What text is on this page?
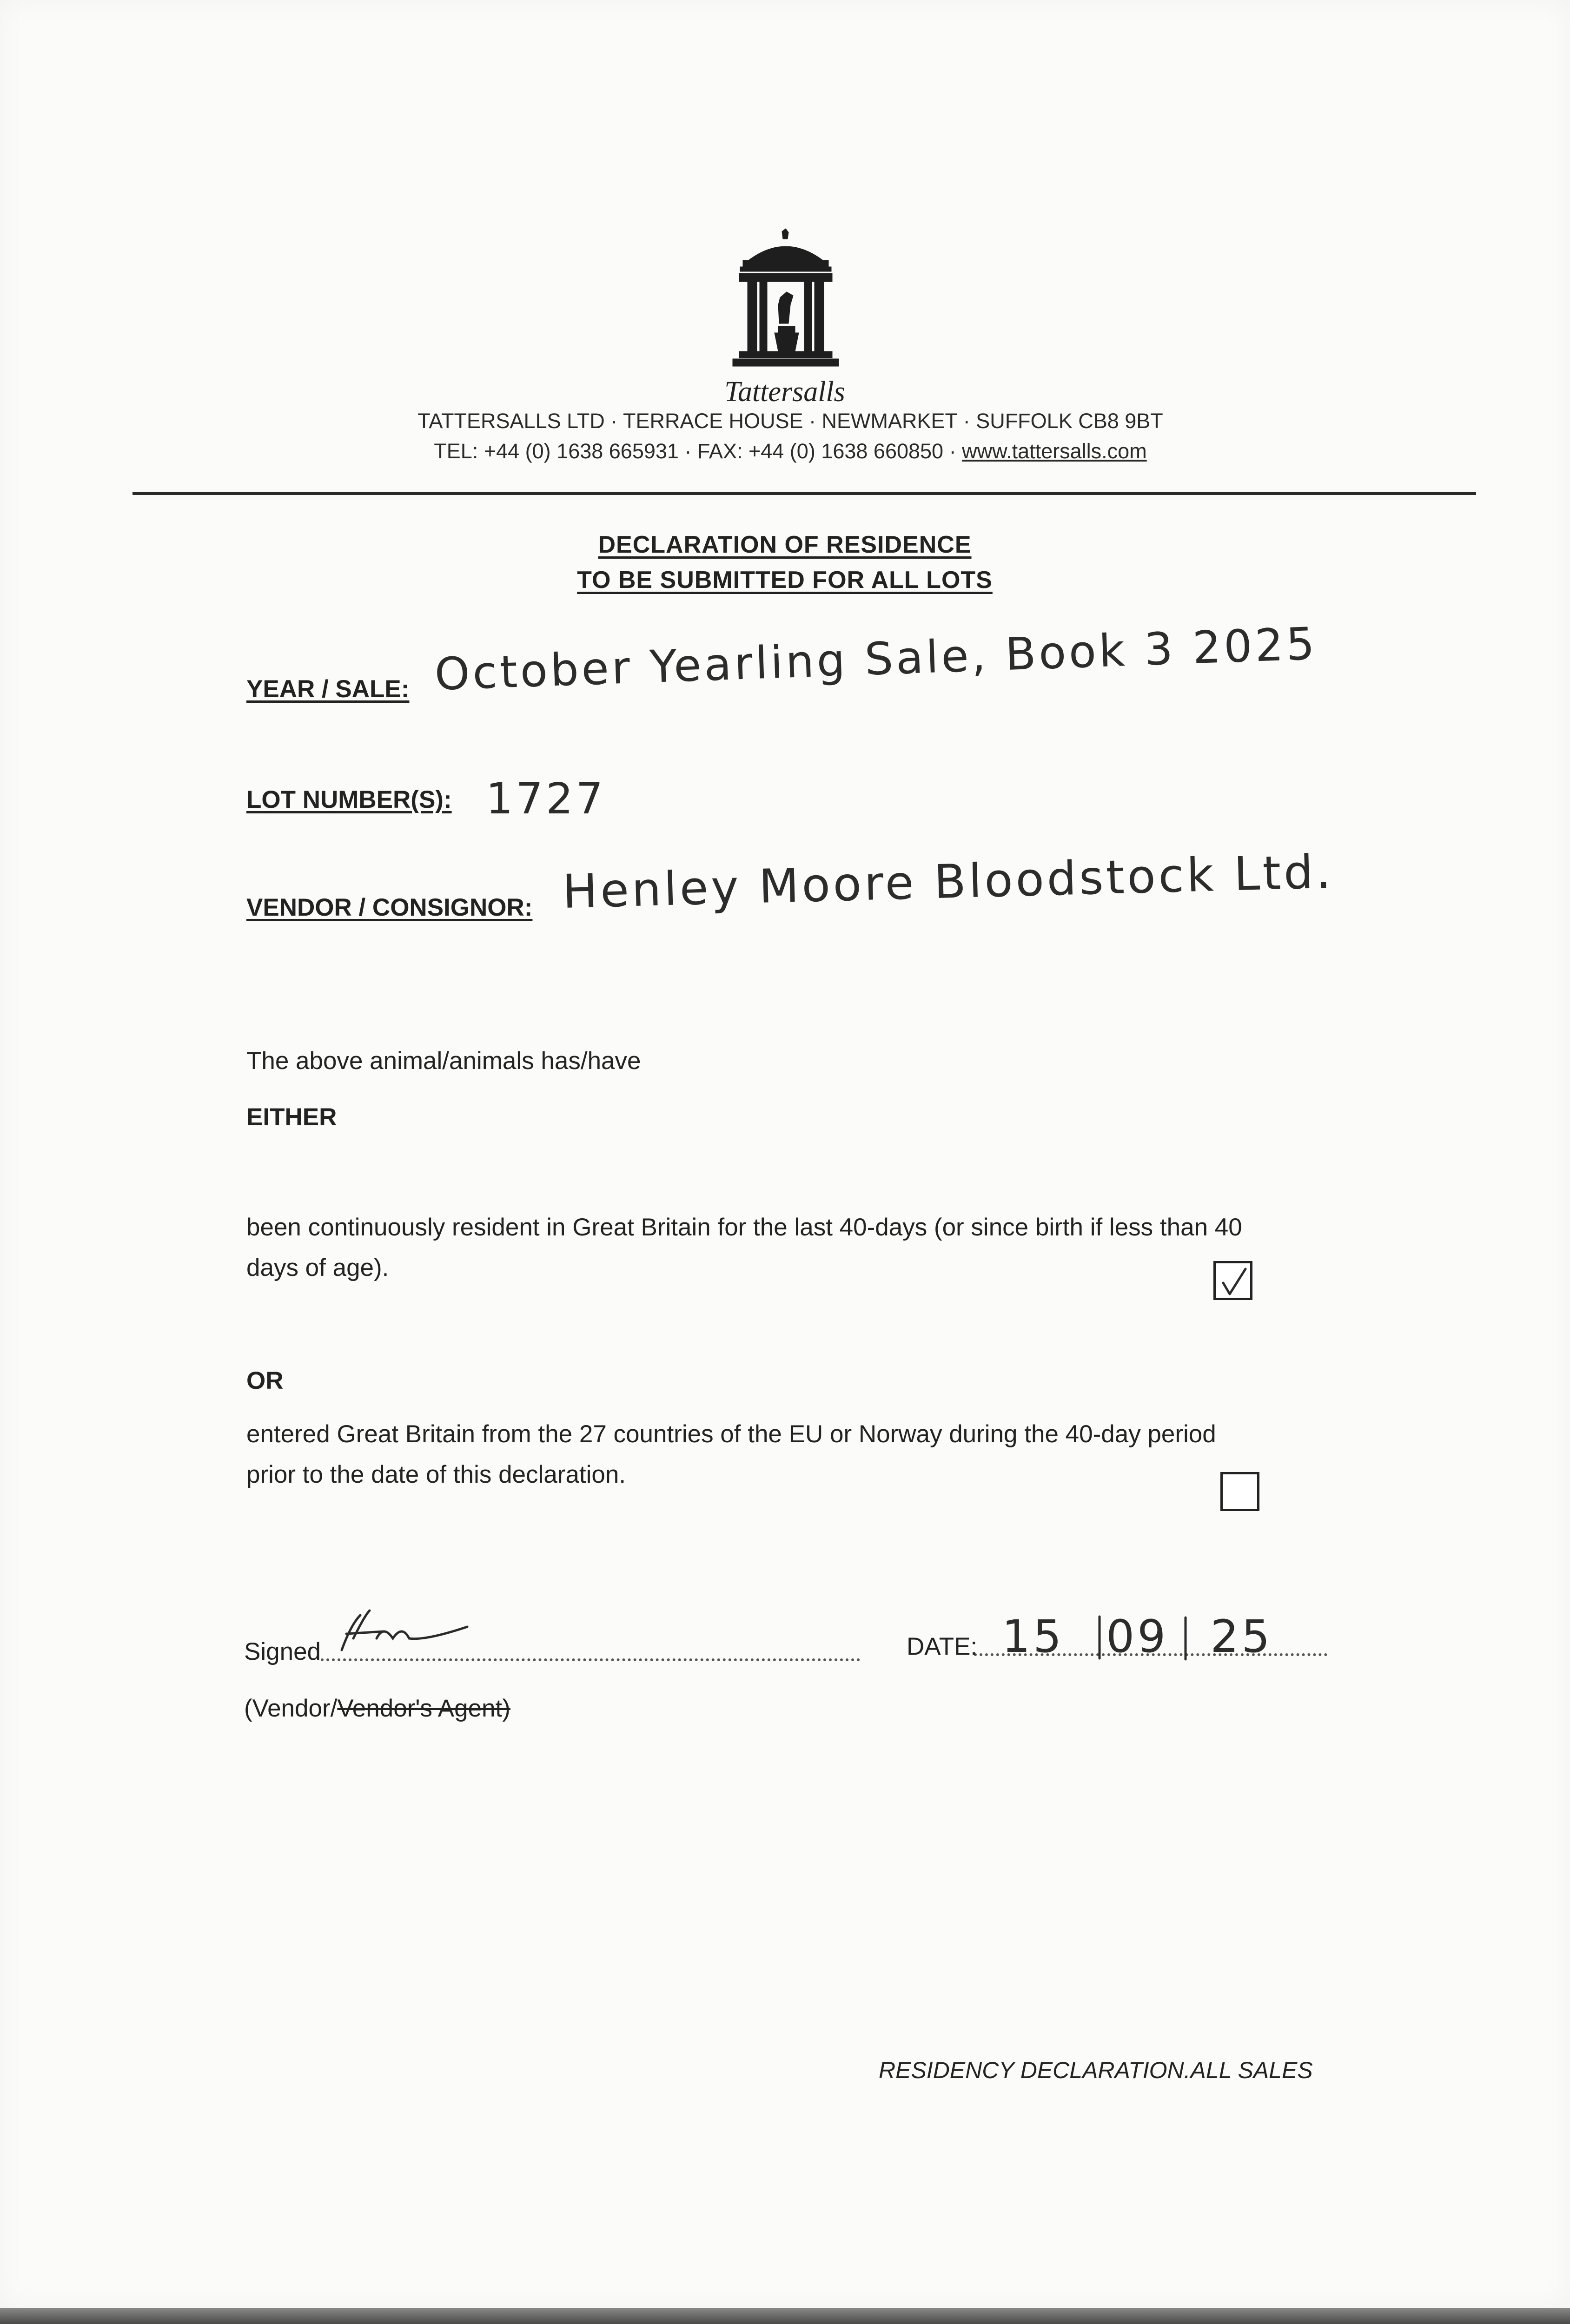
Tattersalls
TATTERSALLS LTD · TERRACE HOUSE · NEWMARKET · SUFFOLK CB8 9BT
TEL: +44 (0) 1638 665931 · FAX: +44 (0) 1638 660850 · www.tattersalls.com
DECLARATION OF RESIDENCE
TO BE SUBMITTED FOR ALL LOTS
YEAR / SALE: October Yearling Sale, Book 3 2025
LOT NUMBER(S): 1727
VENDOR / CONSIGNOR: Henley Moore Bloodstock Ltd.
The above animal/animals has/have
EITHER
been continuously resident in Great Britain for the last 40-days (or since birth if less than 40
days of age).
OR
entered Great Britain from the 27 countries of the EU or Norway during the 40-day period
prior to the date of this declaration.
Signed	DATE: 15 09 25
(Vendor/Vendor's Agent)
RESIDENCY DECLARATION.ALL SALES
